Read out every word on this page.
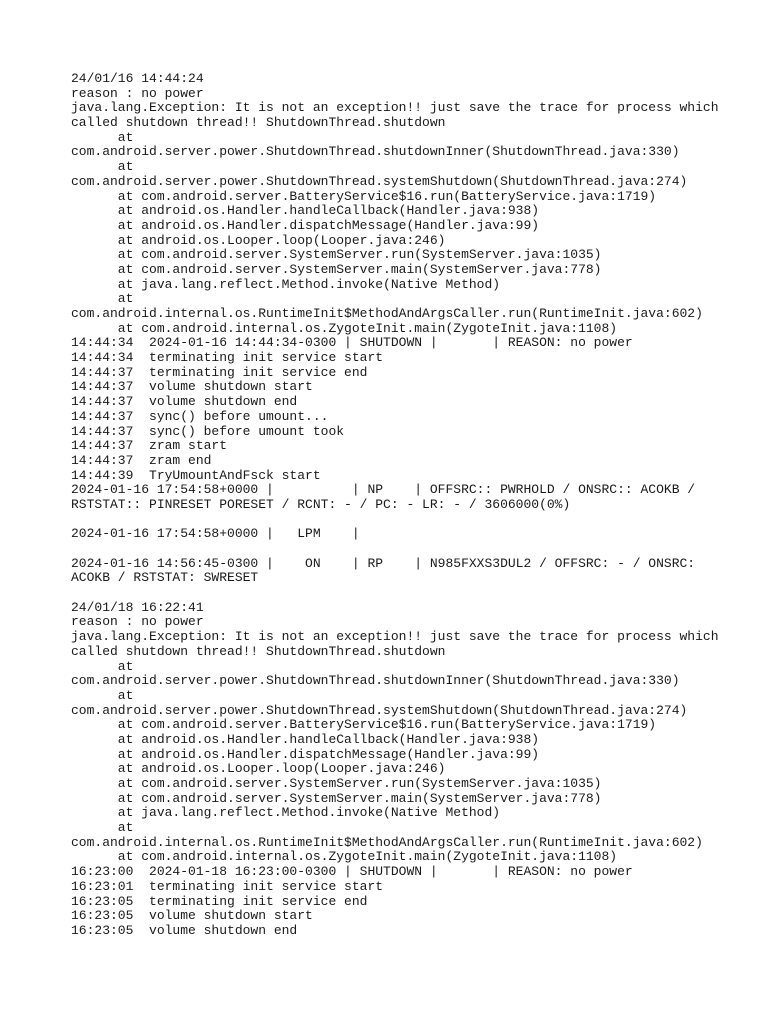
24/01/16 14:44:24
reason : no power
java.lang.Exception: It is not an exception!! just save the trace for process which
called shutdown thread!! ShutdownThread.shutdown
at
com.android.server.power.ShutdownThread.shutdownInner(ShutdownThread.java:330)
at
com.android.server.power.ShutdownThread.systemShutdown(ShutdownThread.java:274)
at com.android.server.BatteryService$16.run(BatteryService.java:1719)
at android.os.Handler.handleCallback(Handler.java:938)
at android.os.Handler.dispatchMessage(Handler.java:99)
at android.os.Looper.loop(Looper.java:246)
at com.android.server.SystemServer.run(SystemServer.java:1035)
at com.android.server.SystemServer.main(SystemServer.java:778)
at java.lang.reflect.Method.invoke(Native Method)
at
com.android.internal.os.RuntimeInit$MethodAndArgsCaller.run(RuntimeInit.java:602)
at com.android.internal.os.ZygoteInit.main(ZygoteInit.java:1108)
14:44:34  2024-01-16 14:44:34-0300 | SHUTDOWN |       | REASON: no power
14:44:34  terminating init service start
14:44:37  terminating init service end
14:44:37  volume shutdown start
14:44:37  volume shutdown end
14:44:37  sync() before umount...
14:44:37  sync() before umount took
14:44:37  zram start
14:44:37  zram end
14:44:39  TryUmountAndFsck start
2024-01-16 17:54:58+0000 |          | NP    | OFFSRC:: PWRHOLD / ONSRC:: ACOKB /
RSTSTAT:: PINRESET PORESET / RCNT: - / PC: - LR: - / 3606000(0%)
2024-01-16 17:54:58+0000 |   LPM    |
2024-01-16 14:56:45-0300 |    ON    | RP    | N985FXXS3DUL2 / OFFSRC: - / ONSRC:
ACOKB / RSTSTAT: SWRESET
24/01/18 16:22:41
reason : no power
java.lang.Exception: It is not an exception!! just save the trace for process which
called shutdown thread!! ShutdownThread.shutdown
at
com.android.server.power.ShutdownThread.shutdownInner(ShutdownThread.java:330)
at
com.android.server.power.ShutdownThread.systemShutdown(ShutdownThread.java:274)
at com.android.server.BatteryService$16.run(BatteryService.java:1719)
at android.os.Handler.handleCallback(Handler.java:938)
at android.os.Handler.dispatchMessage(Handler.java:99)
at android.os.Looper.loop(Looper.java:246)
at com.android.server.SystemServer.run(SystemServer.java:1035)
at com.android.server.SystemServer.main(SystemServer.java:778)
at java.lang.reflect.Method.invoke(Native Method)
at
com.android.internal.os.RuntimeInit$MethodAndArgsCaller.run(RuntimeInit.java:602)
at com.android.internal.os.ZygoteInit.main(ZygoteInit.java:1108)
16:23:00  2024-01-18 16:23:00-0300 | SHUTDOWN |       | REASON: no power
16:23:01  terminating init service start
16:23:05  terminating init service end
16:23:05  volume shutdown start
16:23:05  volume shutdown end
